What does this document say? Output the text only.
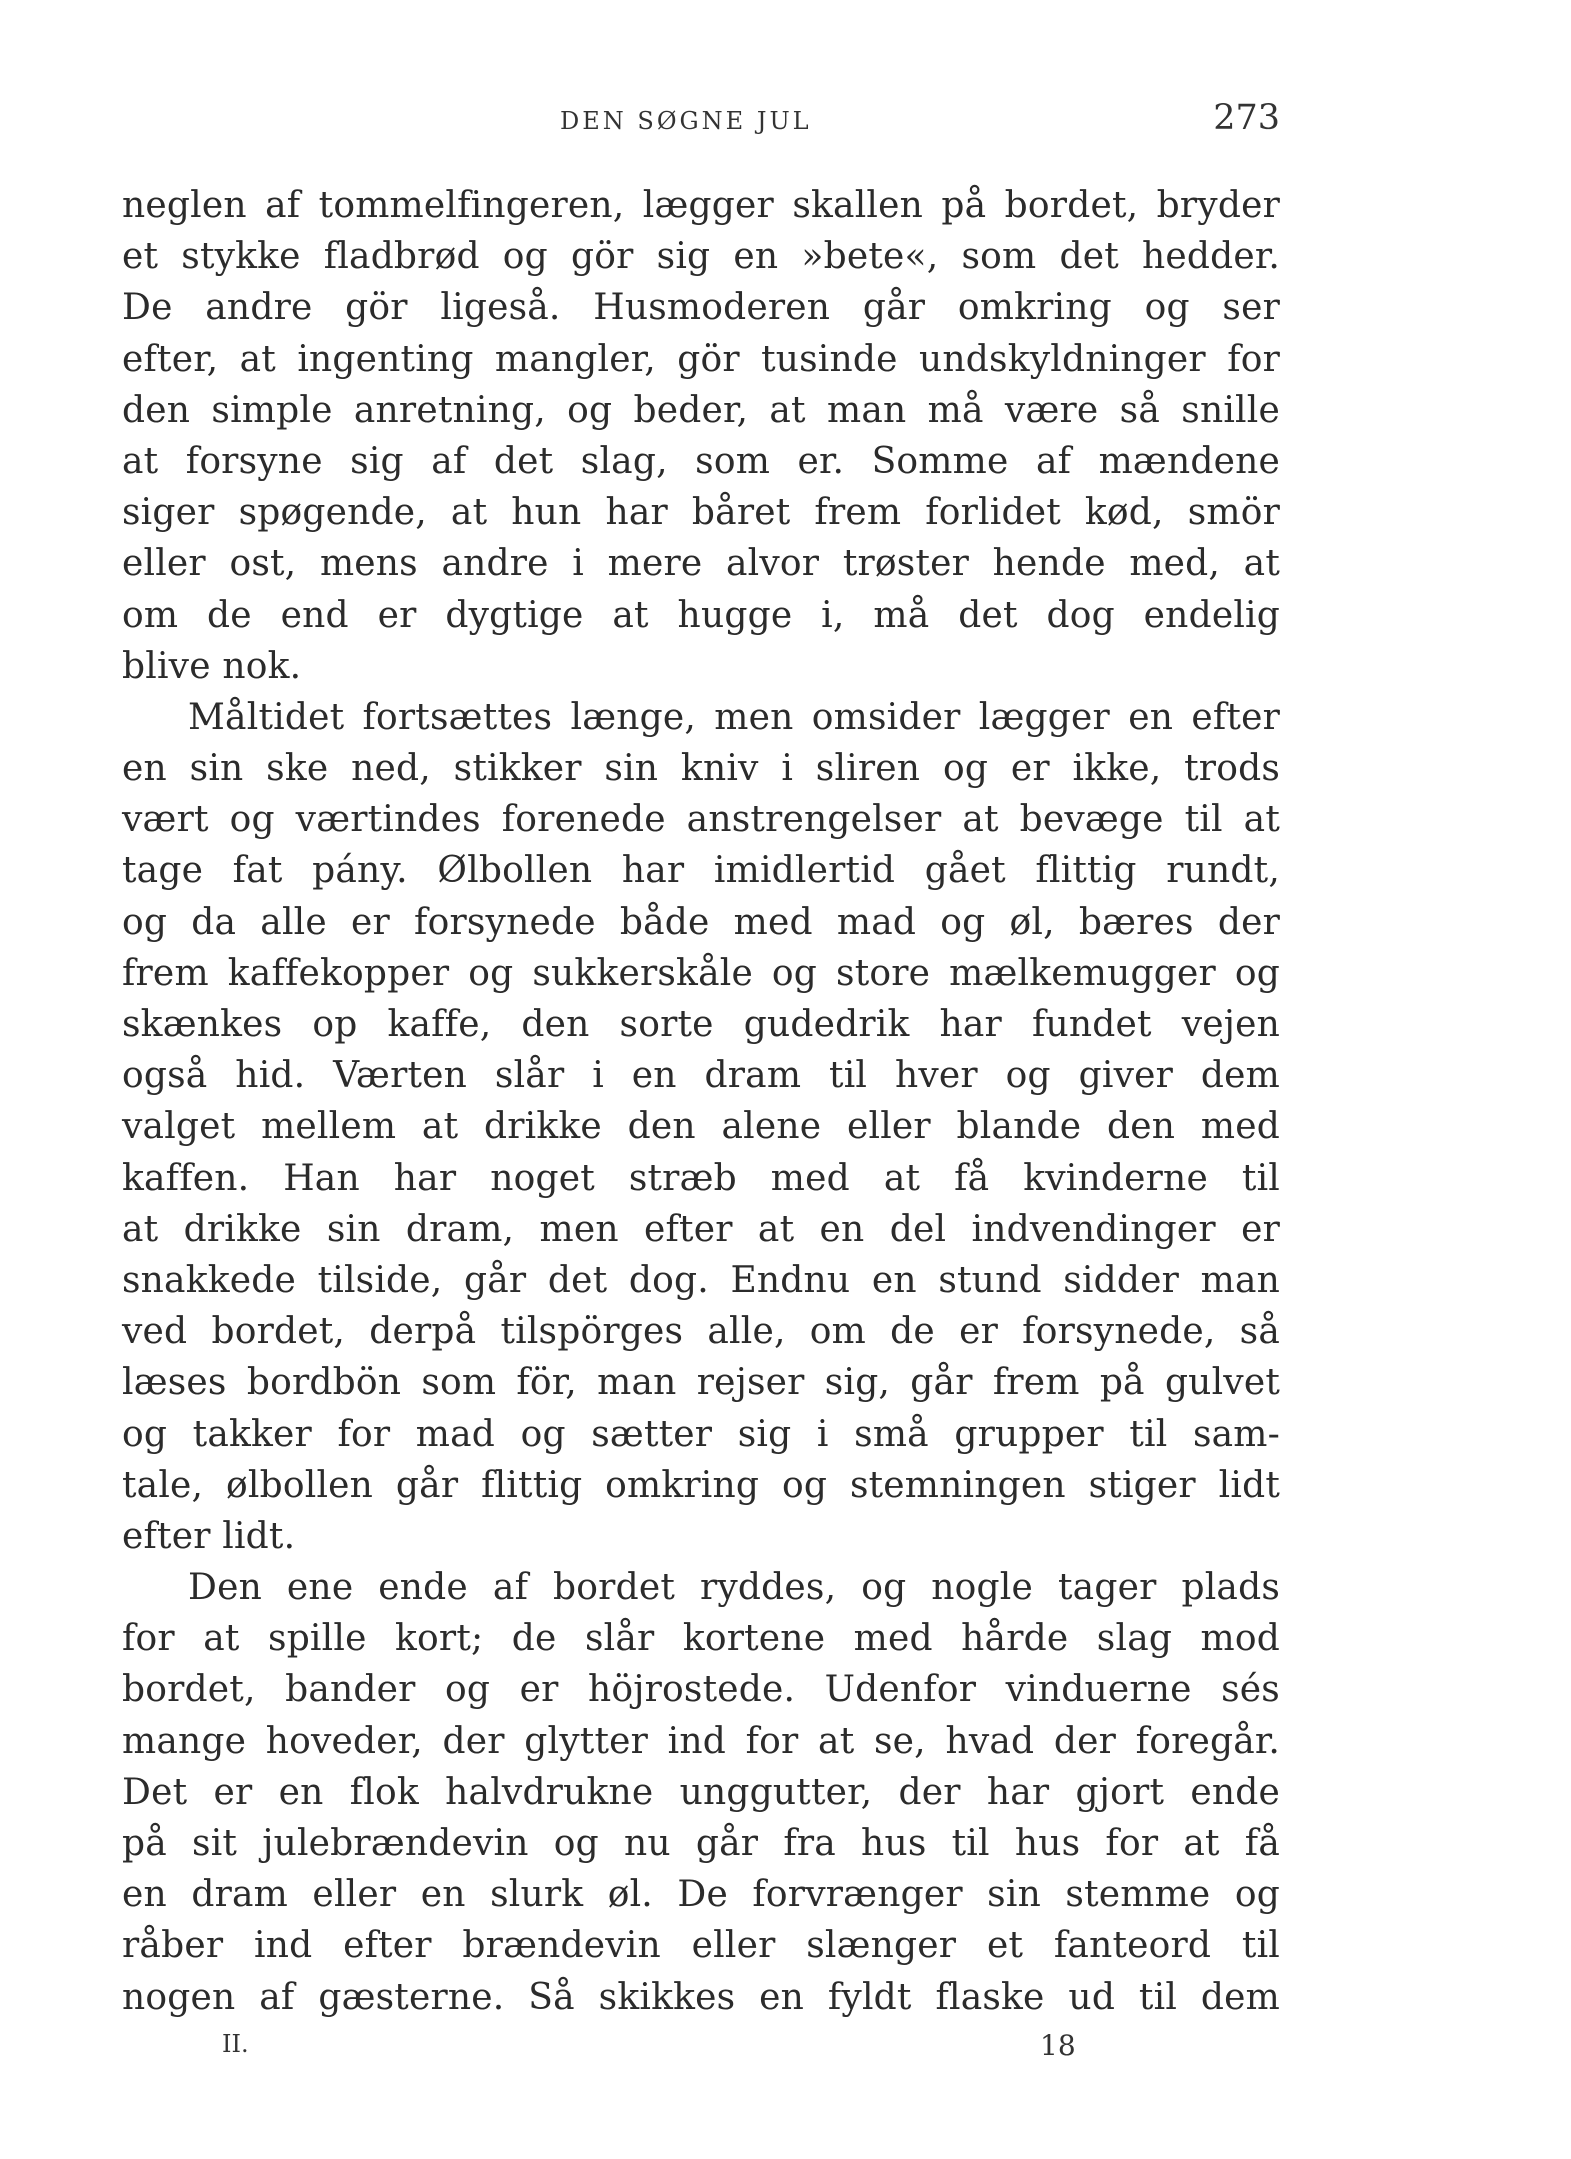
DEN SØGNE JUL	273
neglen af tommelfingeren, lægger skallen på bordet, bryder
et stykke fladbrød og gör sig en »bete«, som det hedder.
De andre gör ligeså. Husmoderen går omkring og ser
efter, at ingenting mangler, gör tusinde undskyldninger for
den simple anretning, og beder, at man må være så snille
at forsyne sig af det slag, som er. Somme af mændene
siger spøgende, at hun har båret frem forlidet kød, smör
eller ost, mens andre i mere alvor trøster hende med, at
om de end er dygtige at hugge i, må det dog endelig
blive nok.
Måltidet fortsættes længe, men omsider lægger en efter
en sin ske ned, stikker sin kniv i sliren og er ikke, trods
vært og værtindes forenede anstrengelser at bevæge til at
tage fat pány. Ølbollen har imidlertid gået flittig rundt,
og da alle er forsynede både med mad og øl, bæres der
frem kaffekopper og sukkerskåle og store mælkemugger og
skænkes op kaffe, den sorte gudedrik har fundet vejen
også hid. Værten slår i en dram til hver og giver dem
valget mellem at drikke den alene eller blande den med
kaffen. Han har noget stræb med at få kvinderne til
at drikke sin dram, men efter at en del indvendinger er
snakkede tilside, går det dog. Endnu en stund sidder man
ved bordet, derpå tilspörges alle, om de er forsynede, så
læses bordbön som för, man rejser sig, går frem på gulvet
og takker for mad og sætter sig i små grupper til sam-
tale, ølbollen går flittig omkring og stemningen stiger lidt
efter lidt.
Den ene ende af bordet ryddes, og nogle tager plads
for at spille kort; de slår kortene med hårde slag mod
bordet, bander og er höjrostede. Udenfor vinduerne sés
mange hoveder, der glytter ind for at se, hvad der foregår.
Det er en flok halvdrukne unggutter, der har gjort ende
på sit julebrændevin og nu går fra hus til hus for at få
en dram eller en slurk øl. De forvrænger sin stemme og
råber ind efter brændevin eller slænger et fanteord til
nogen af gæsterne. Så skikkes en fyldt flaske ud til dem
II.	18
